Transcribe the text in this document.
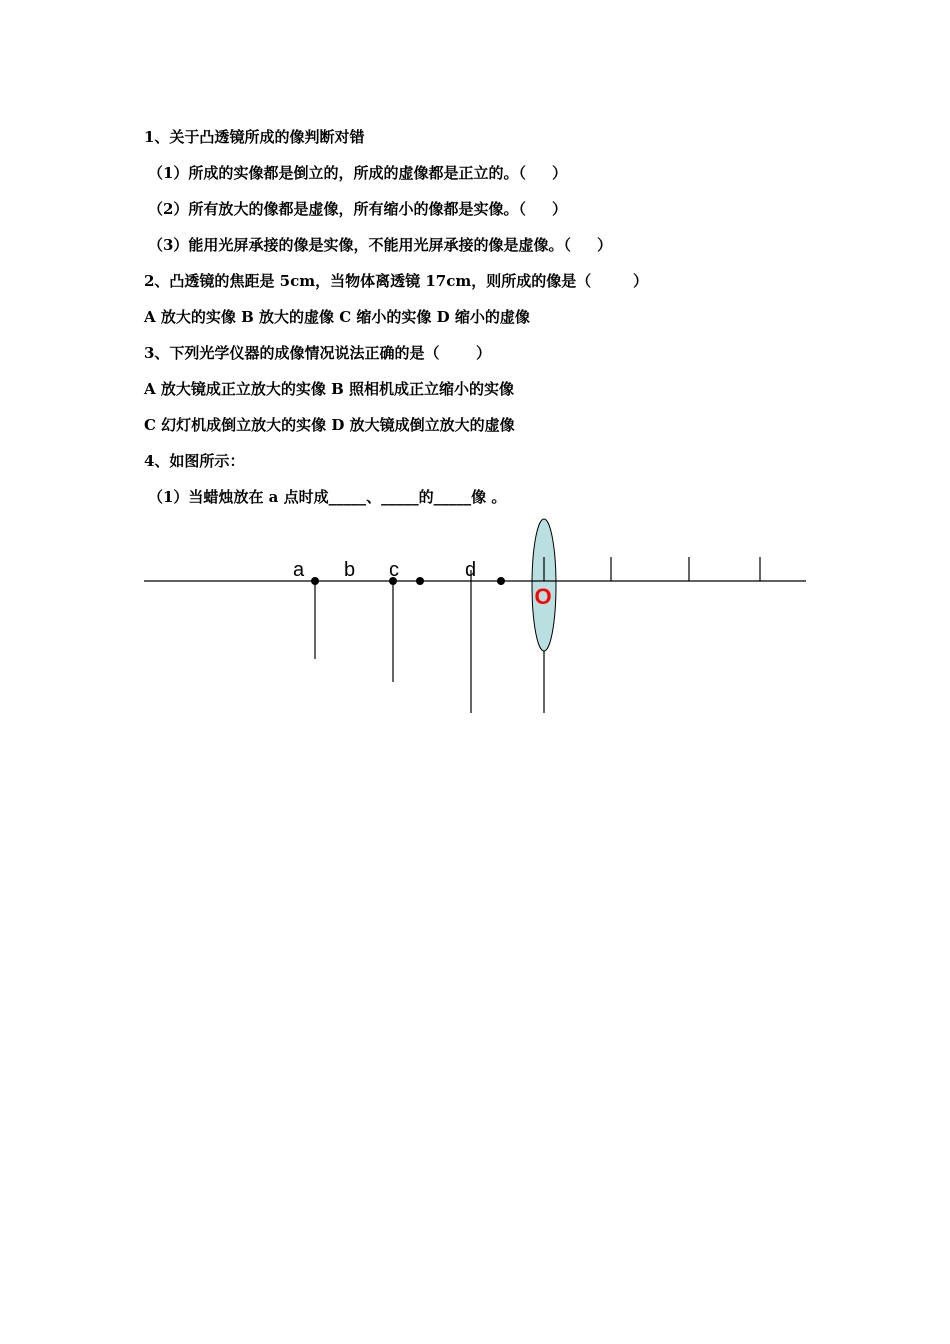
1、关于凸透镜所成的像判断对错
（1）所成的实像都是倒立的，所成的虚像都是正立的。（     ）
（2）所有放大的像都是虚像，所有缩小的像都是实像。（     ）
（3）能用光屏承接的像是实像，不能用光屏承接的像是虚像。（     ）
2、凸透镜的焦距是 5cm，当物体离透镜 17cm，则所成的像是（        ）
A 放大的实像 B 放大的虚像 C 缩小的实像 D 缩小的虚像
3、下列光学仪器的成像情况说法正确的是（       ）
A 放大镜成正立放大的实像 B 照相机成正立缩小的实像
C 幻灯机成倒立放大的实像 D 放大镜成倒立放大的虚像
4、如图所示：
（1）当蜡烛放在 a 点时成_____、_____的_____像 。
a b c	d
O
